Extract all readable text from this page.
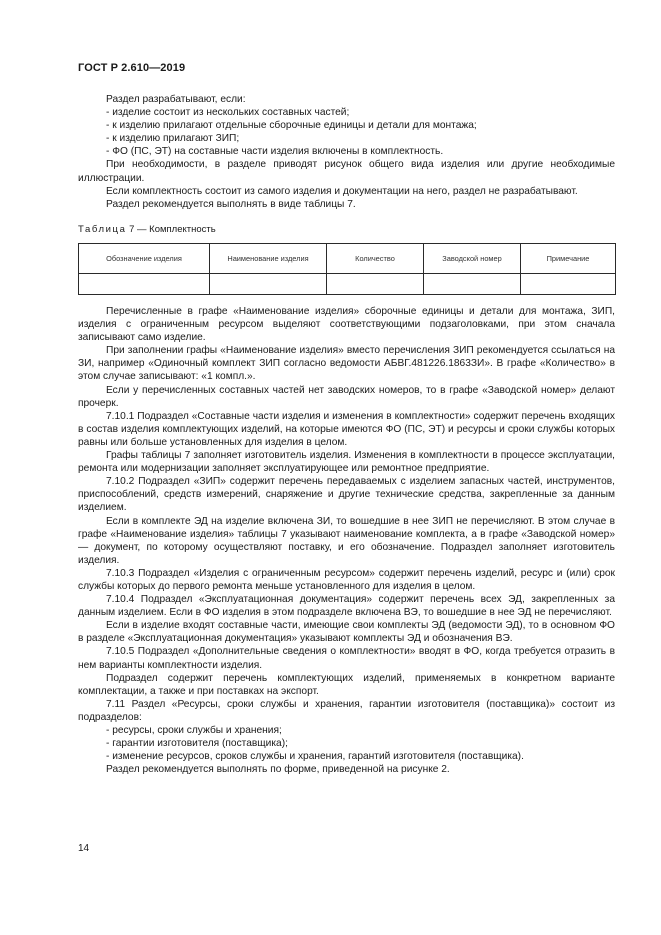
ГОСТ Р 2.610—2019

Раздел разрабатывают, если:

- изделие состоит из нескольких составных частей;

- к изделию прилагают отдельные сборочные единицы и детали для монтажа;

- к изделию прилагают ЗИП;

- ФО (ПС, ЭТ) на составные части изделия включены в комплектность.

При необходимости, в разделе приводят рисунок общего вида изделия или другие необходимые иллюстрации.

Если комплектность состоит из самого изделия и документации на него, раздел не разрабатывают.

Раздел рекомендуется выполнять в виде таблицы 7.

Таблица 7 — Комплектность
Обозначение изделия	Наименование изделия	Количество	Заводской номер	Примечание

Перечисленные в графе «Наименование изделия» сборочные единицы и детали для монтажа, ЗИП, изделия с ограниченным ресурсом выделяют соответствующими подзаголовками, при этом сначала записывают само изделие.

При заполнении графы «Наименование изделия» вместо перечисления ЗИП рекомендуется ссылаться на ЗИ, например «Одиночный комплект ЗИП согласно ведомости АБВГ.481226.1863ЗИ». В графе «Количество» в этом случае записывают: «1 компл.».

Если у перечисленных составных частей нет заводских номеров, то в графе «Заводской номер» делают прочерк.

7.10.1 Подраздел «Составные части изделия и изменения в комплектности» содержит перечень входящих в состав изделия комплектующих изделий, на которые имеются ФО (ПС, ЭТ) и ресурсы и сроки службы которых равны или больше установленных для изделия в целом.

Графы таблицы 7 заполняет изготовитель изделия. Изменения в комплектности в процессе эксплуатации, ремонта или модернизации заполняет эксплуатирующее или ремонтное предприятие.

7.10.2 Подраздел «ЗИП» содержит перечень передаваемых с изделием запасных частей, инструментов, приспособлений, средств измерений, снаряжение и другие технические средства, закрепленные за данным изделием.

Если в комплекте ЭД на изделие включена ЗИ, то вошедшие в нее ЗИП не перечисляют. В этом случае в графе «Наименование изделия» таблицы 7 указывают наименование комплекта, а в графе «Заводской номер» — документ, по которому осуществляют поставку, и его обозначение. Подраздел заполняет изготовитель изделия.

7.10.3 Подраздел «Изделия с ограниченным ресурсом» содержит перечень изделий, ресурс и (или) срок службы которых до первого ремонта меньше установленного для изделия в целом.

7.10.4 Подраздел «Эксплуатационная документация» содержит перечень всех ЭД, закрепленных за данным изделием. Если в ФО изделия в этом подразделе включена ВЭ, то вошедшие в нее ЭД не перечисляют.

Если в изделие входят составные части, имеющие свои комплекты ЭД (ведомости ЭД), то в основном ФО в разделе «Эксплуатационная документация» указывают комплекты ЭД и обозначения ВЭ.

7.10.5 Подраздел «Дополнительные сведения о комплектности» вводят в ФО, когда требуется отразить в нем варианты комплектности изделия.

Подраздел содержит перечень комплектующих изделий, применяемых в конкретном варианте комплектации, а также и при поставках на экспорт.

7.11 Раздел «Ресурсы, сроки службы и хранения, гарантии изготовителя (поставщика)» состоит из подразделов:

- ресурсы, сроки службы и хранения;

- гарантии изготовителя (поставщика);

- изменение ресурсов, сроков службы и хранения, гарантий изготовителя (поставщика).

Раздел рекомендуется выполнять по форме, приведенной на рисунке 2.

14
